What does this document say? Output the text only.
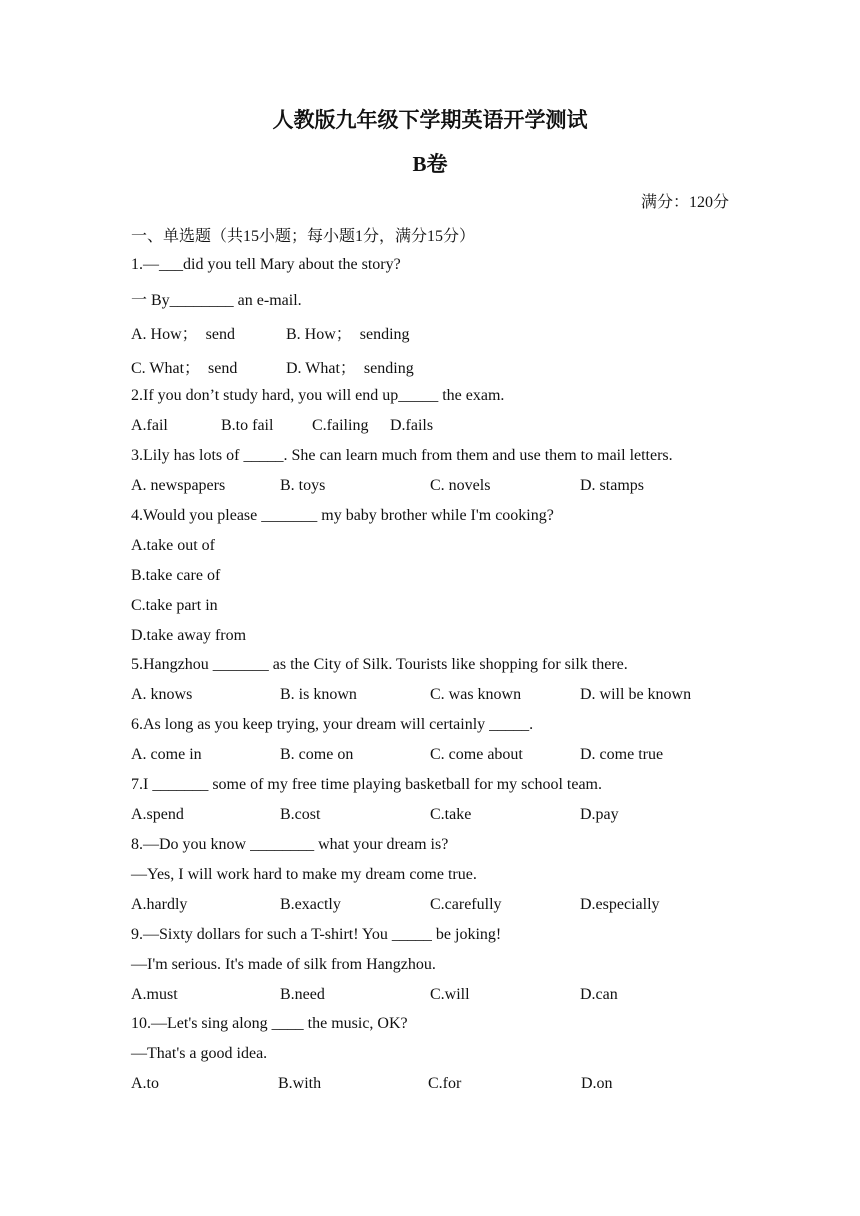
人教版九年级下学期英语开学测试
B卷
满分：120分
一、单选题（共15小题；每小题1分，满分15分）
1.—___did you tell Mary about the story?
一 By________ an e-mail.
A. How；  send	B. How；  sending
C. What；  send	D. What；  sending
2.If you don’t study hard, you will end up_____ the exam.
A.fail	B.to fail C.failing D.fails
3.Lily has lots of _____. She can learn much from them and use them to mail letters.
A. newspapers	B. toys	C. novels	D. stamps
4.Would you please _______ my baby brother while I'm cooking?
A.take out of
B.take care of
C.take part in
D.take away from
5.Hangzhou _______ as the City of Silk. Tourists like shopping for silk there.
A. knows	B. is known	C. was known	D. will be known
6.As long as you keep trying, your dream will certainly _____.
A. come in	B. come on	C. come about	D. come true
7.I _______ some of my free time playing basketball for my school team.
A.spend	B.cost	C.take	D.pay
8.—Do you know ________ what your dream is?
—Yes, I will work hard to make my dream come true.
A.hardly	B.exactly	C.carefully	D.especially
9.—Sixty dollars for such a T-shirt! You _____ be joking!
—I'm serious. It's made of silk from Hangzhou.
A.must	B.need	C.will	D.can
10.—Let's sing along ____ the music, OK?
—That's a good idea.
A.to	B.with	C.for	D.on
